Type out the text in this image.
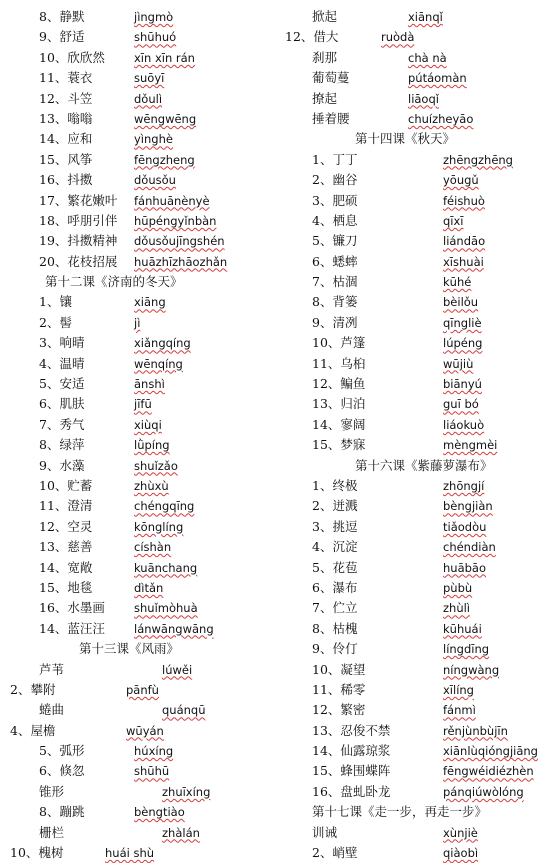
8、静默	jìngmò
9、舒适	shūhuó
10、欣欣然	xīn xīn rán
11、蓑衣	suōyī
12、斗笠	dǒulì
13、嗡嗡	wēngwēng
14、应和	yìnghè
15、风筝	fēngzheng
16、抖擞	dǒusǒu
17、繁花嫩叶 fánhuānènyè
18、呼朋引伴 hūpéngyǐnbàn
19、抖擞精神 dǒusǒujīngshén
20、花枝招展 huāzhīzhāozhǎn
第十二课《济南的冬天》
1、镶	xiāng
2、髻	jì
3、响晴	xiǎngqíng
4、温晴	wēnqíng
5、安适	ānshì
6、肌肤	jīfū
7、秀气	xiùqi
8、绿萍	lǜpíng
9、水藻	shuǐzǎo
10、贮蓄	zhùxù
11、澄清	chéngqīng
12、空灵	kōnglíng
13、慈善	císhàn
14、宽敞	kuānchang
15、地毯	dìtǎn
16、水墨画	shuǐmòhuà
14、蓝汪汪	lánwāngwāng
第十三课《风雨》
芦苇	lúwěi
2、攀附	pānfù
蜷曲	quánqū
4、屋檐	wūyán
5、弧形	húxíng
6、倏忽	shūhū
锥形	zhuīxíng
8、蹦跳	bèngtiào
栅栏	zhàlán
10、槐树	huái shù
掀起	xiānqǐ
12、借大	ruòdà
刹那	chà nà
葡萄蔓	pútáomàn
撩起	liāoqǐ
捶着腰	chuízheyāo
第十四课《秋天》
1、丁丁	zhēngzhēng
2、幽谷	yōugǔ
3、肥硕	féishuò
4、栖息	qīxī
5、镰刀	liándāo
6、蟋蟀	xīshuài
7、枯涸	kūhé
8、背篓	bèilǒu
9、清冽	qīngliè
10、芦篷	lúpéng
11、乌桕	wūjiù
12、鳊鱼	biānyú
13、归泊	guī bó
14、寥阔	liáokuò
15、梦寐	mèngmèi
第十六课《紫藤萝瀑布》
1、终极	zhōngjí
2、迸溅	bèngjiàn
3、挑逗	tiǎodòu
4、沉淀	chéndiàn
5、花苞	huābāo
6、瀑布	pùbù
7、伫立	zhùlì
8、枯槐	kūhuái
9、伶仃	língdīng
10、凝望	níngwàng
11、稀零	xīlíng
12、繁密	fánmì
13、忍俊不禁	rěnjùnbùjīn
14、仙露琼浆	xiānlùqióngjiāng
15、蜂围蝶阵	fēngwéidiézhèn
16、盘虬卧龙	pánqiúwòlóng
第十七课《走一步，再走一步》
训诫	xùnjiè
2、峭壁	qiàobì
